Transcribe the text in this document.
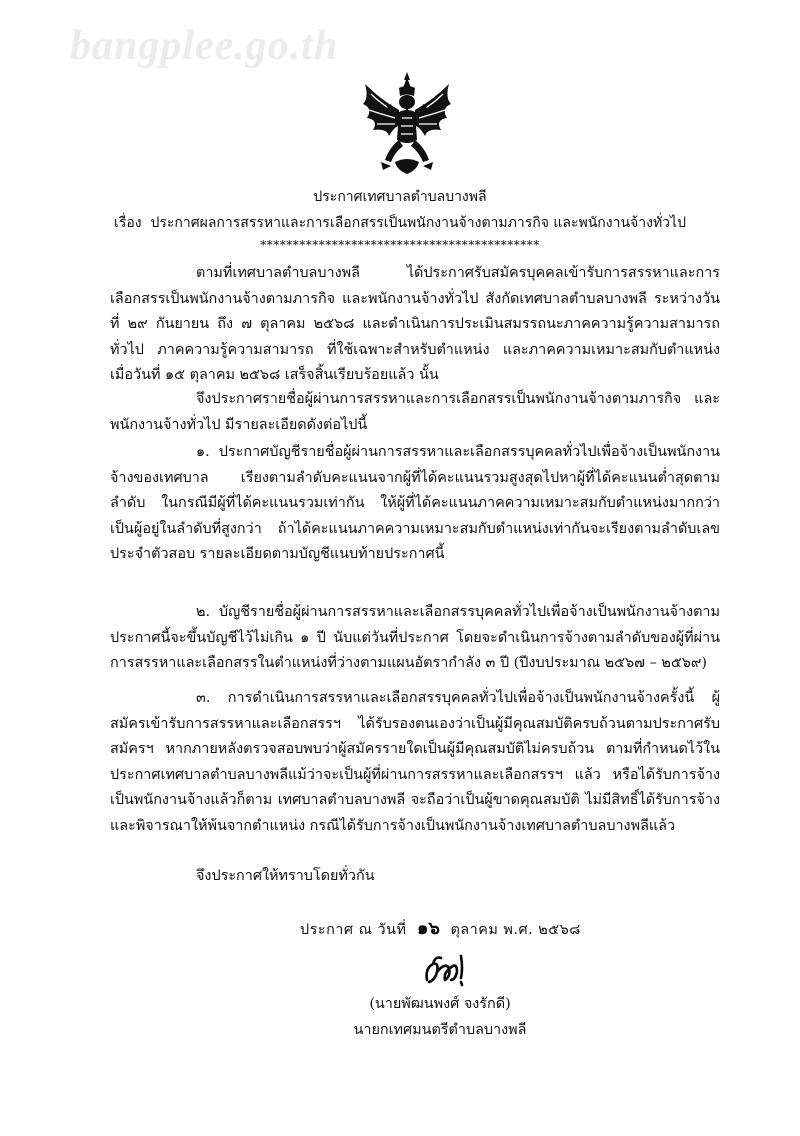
bangplee.go.th
ประกาศเทศบาลตำบลบางพลี
เรื่อง ประกาศผลการสรรหาและการเลือกสรรเป็นพนักงานจ้างตามภารกิจ และพนักงานจ้างทั่วไป
*******************************************

ตามที่เทศบาลตำบลบางพลี ได้ประกาศรับสมัครบุคคลเข้ารับการสรรหาและการเลือกสรรเป็นพนักงานจ้างตามภารกิจ และพนักงานจ้างทั่วไป สังกัดเทศบาลตำบลบางพลี ระหว่างวันที่ ๒๙ กันยายน ถึง ๗ ตุลาคม ๒๕๖๘ และดำเนินการประเมินสมรรถนะภาคความรู้ความสามารถทั่วไป ภาคความรู้ความสามารถ ที่ใช้เฉพาะสำหรับตำแหน่ง และภาคความเหมาะสมกับตำแหน่ง เมื่อวันที่ ๑๕ ตุลาคม ๒๕๖๘ เสร็จสิ้นเรียบร้อยแล้ว นั้น

จึงประกาศรายชื่อผู้ผ่านการสรรหาและการเลือกสรรเป็นพนักงานจ้างตามภารกิจ และพนักงานจ้างทั่วไป มีรายละเอียดดังต่อไปนี้

๑. ประกาศบัญชีรายชื่อผู้ผ่านการสรรหาและเลือกสรรบุคคลทั่วไปเพื่อจ้างเป็นพนักงานจ้างของเทศบาล เรียงตามลำดับคะแนนจากผู้ที่ได้คะแนนรวมสูงสุดไปหาผู้ที่ได้คะแนนต่ำสุดตามลำดับ ในกรณีมีผู้ที่ได้คะแนนรวมเท่ากัน ให้ผู้ที่ได้คะแนนภาคความเหมาะสมกับตำแหน่งมากกว่าเป็นผู้อยู่ในลำดับที่สูงกว่า ถ้าได้คะแนนภาคความเหมาะสมกับตำแหน่งเท่ากันจะเรียงตามลำดับเลขประจำตัวสอบ รายละเอียดตามบัญชีแนบท้ายประกาศนี้

๒. บัญชีรายชื่อผู้ผ่านการสรรหาและเลือกสรรบุคคลทั่วไปเพื่อจ้างเป็นพนักงานจ้างตามประกาศนี้จะขึ้นบัญชีไว้ไม่เกิน ๑ ปี นับแต่วันที่ประกาศ โดยจะดำเนินการจ้างตามลำดับของผู้ที่ผ่านการสรรหาและเลือกสรรในตำแหน่งที่ว่างตามแผนอัตรากำลัง ๓ ปี (ปีงบประมาณ ๒๕๖๗ – ๒๕๖๙)

๓. การดำเนินการสรรหาและเลือกสรรบุคคลทั่วไปเพื่อจ้างเป็นพนักงานจ้างครั้งนี้ ผู้สมัครเข้ารับการสรรหาและเลือกสรรฯ ได้รับรองตนเองว่าเป็นผู้มีคุณสมบัติครบถ้วนตามประกาศรับสมัครฯ หากภายหลังตรวจสอบพบว่าผู้สมัครรายใดเป็นผู้มีคุณสมบัติไม่ครบถ้วน ตามที่กำหนดไว้ในประกาศเทศบาลตำบลบางพลีแม้ว่าจะเป็นผู้ที่ผ่านการสรรหาและเลือกสรรฯ แล้ว หรือได้รับการจ้างเป็นพนักงานจ้างแล้วก็ตาม เทศบาลตำบลบางพลี จะถือว่าเป็นผู้ขาดคุณสมบัติ ไม่มีสิทธิ์ได้รับการจ้าง และพิจารณาให้พ้นจากตำแหน่ง กรณีได้รับการจ้างเป็นพนักงานจ้างเทศบาลตำบลบางพลีแล้ว

จึงประกาศให้ทราบโดยทั่วกัน

ประกาศ ณ วันที่ ๑๖ ตุลาคม พ.ศ. ๒๕๖๘
(นายพัฒนพงศ์ จงรักดี)
นายกเทศมนตรีตำบลบางพลี
